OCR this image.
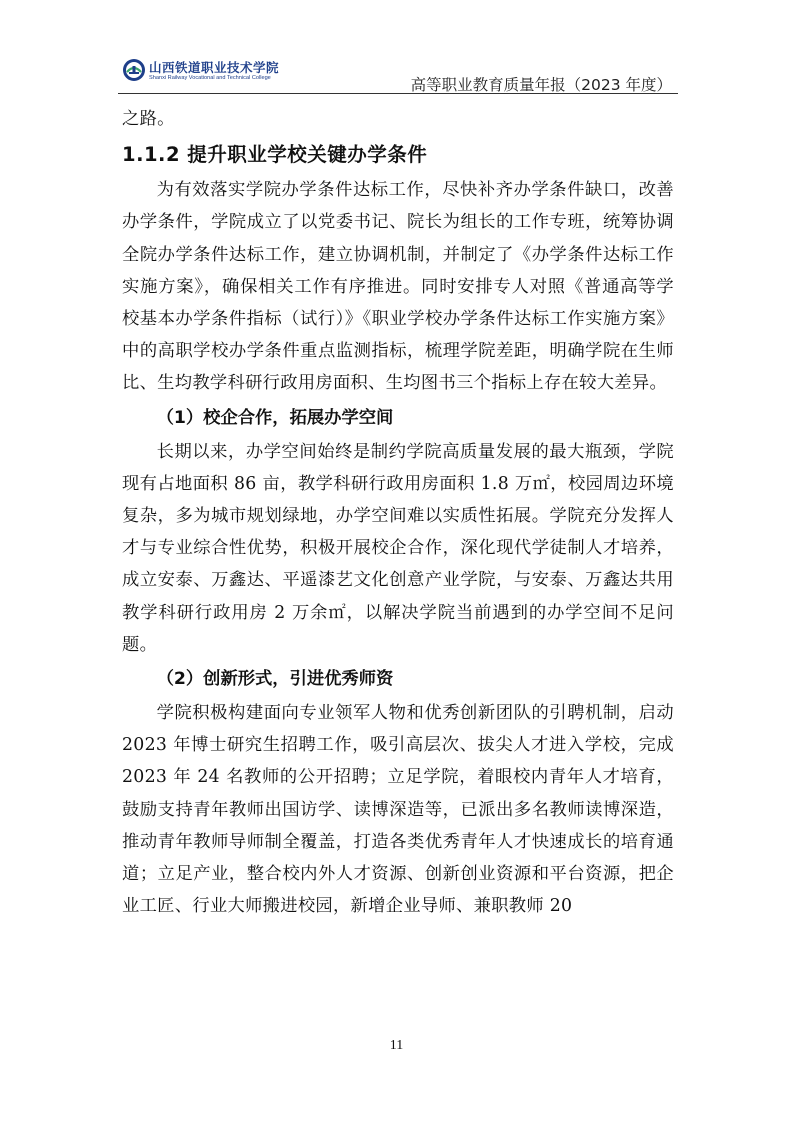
山西铁道职业技术学院
Shanxi Railway Vocational and Technical College	高等职业教育质量年报（2023 年度）

之路。

1.1.2 提升职业学校关键办学条件

为有效落实学院办学条件达标工作，尽快补齐办学条件缺口，改善办学条件，学院成立了以党委书记、院长为组长的工作专班，统筹协调全院办学条件达标工作，建立协调机制，并制定了《办学条件达标工作实施方案》，确保相关工作有序推进。同时安排专人对照《普通高等学校基本办学条件指标（试行）》《职业学校办学条件达标工作实施方案》中的高职学校办学条件重点监测指标，梳理学院差距，明确学院在生师比、生均教学科研行政用房面积、生均图书三个指标上存在较大差异。

（1）校企合作，拓展办学空间

长期以来，办学空间始终是制约学院高质量发展的最大瓶颈，学院现有占地面积 86 亩，教学科研行政用房面积 1.8 万㎡，校园周边环境复杂，多为城市规划绿地，办学空间难以实质性拓展。学院充分发挥人才与专业综合性优势，积极开展校企合作，深化现代学徒制人才培养，成立安泰、万鑫达、平遥漆艺文化创意产业学院，与安泰、万鑫达共用教学科研行政用房 2 万余㎡，以解决学院当前遇到的办学空间不足问题。

（2）创新形式，引进优秀师资

学院积极构建面向专业领军人物和优秀创新团队的引聘机制，启动 2023 年博士研究生招聘工作，吸引高层次、拔尖人才进入学校，完成 2023 年 24 名教师的公开招聘；立足学院，着眼校内青年人才培育，鼓励支持青年教师出国访学、读博深造等，已派出多名教师读博深造，推动青年教师导师制全覆盖，打造各类优秀青年人才快速成长的培育通道；立足产业，整合校内外人才资源、创新创业资源和平台资源，把企业工匠、行业大师搬进校园，新增企业导师、兼职教师 20

11
